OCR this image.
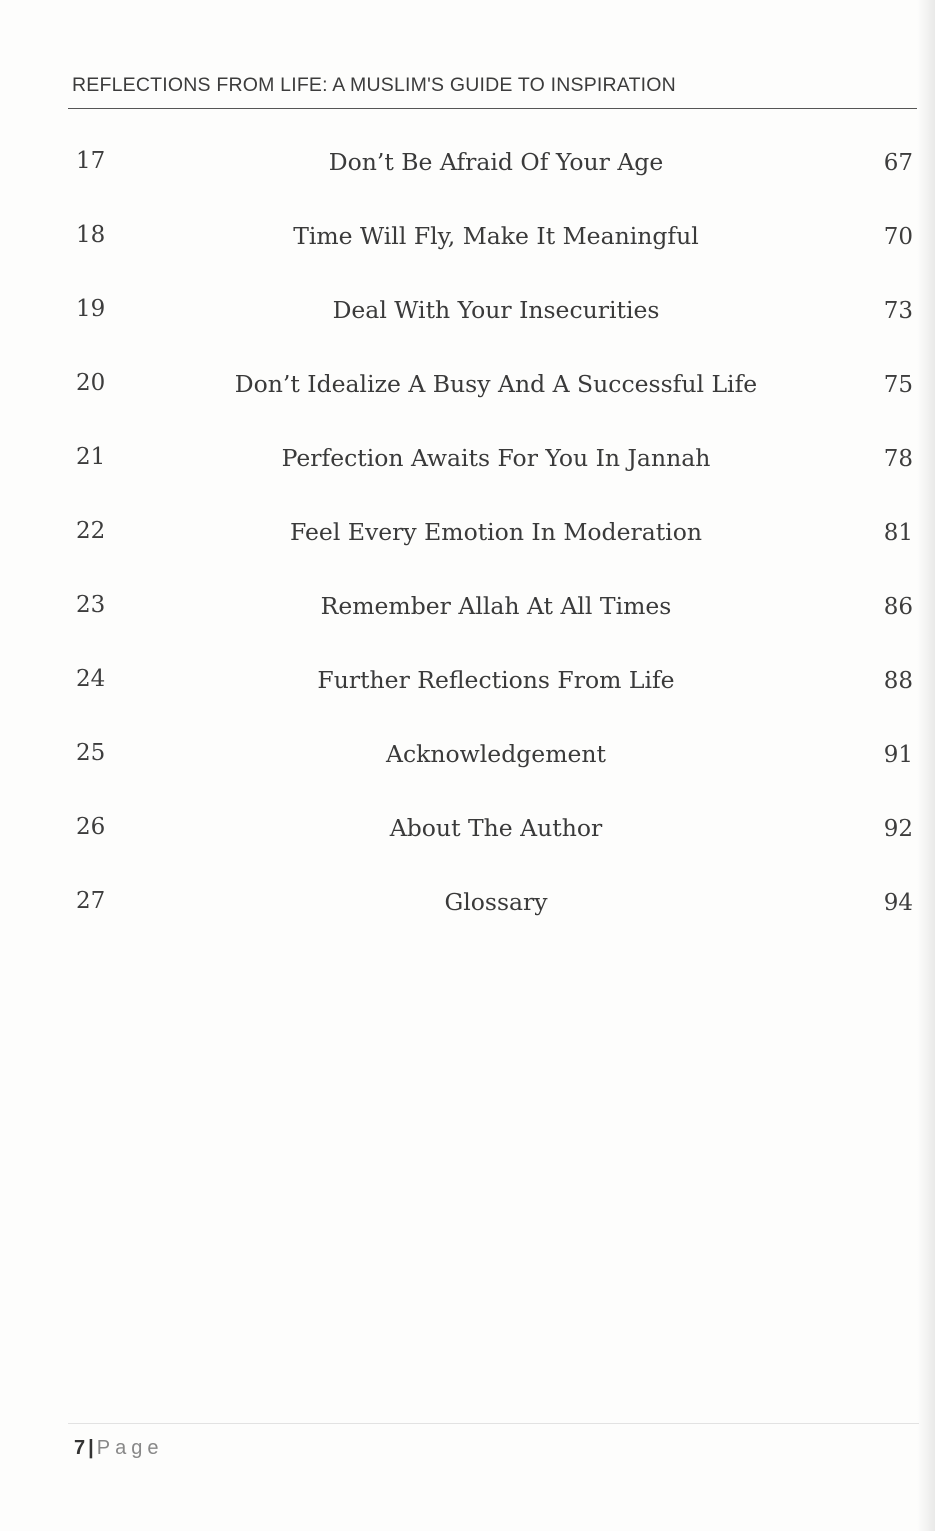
REFLECTIONS FROM LIFE: A MUSLIM'S GUIDE TO INSPIRATION
17	Don’t Be Afraid Of Your Age	67
18	Time Will Fly, Make It Meaningful	70
19	Deal With Your Insecurities	73
20	Don’t Idealize A Busy And A Successful Life	75
21	Perfection Awaits For You In Jannah	78
22	Feel Every Emotion In Moderation	81
23	Remember Allah At All Times	86
24	Further Reflections From Life	88
25	Acknowledgement	91
26	About The Author	92
27	Glossary	94
7 | Page
